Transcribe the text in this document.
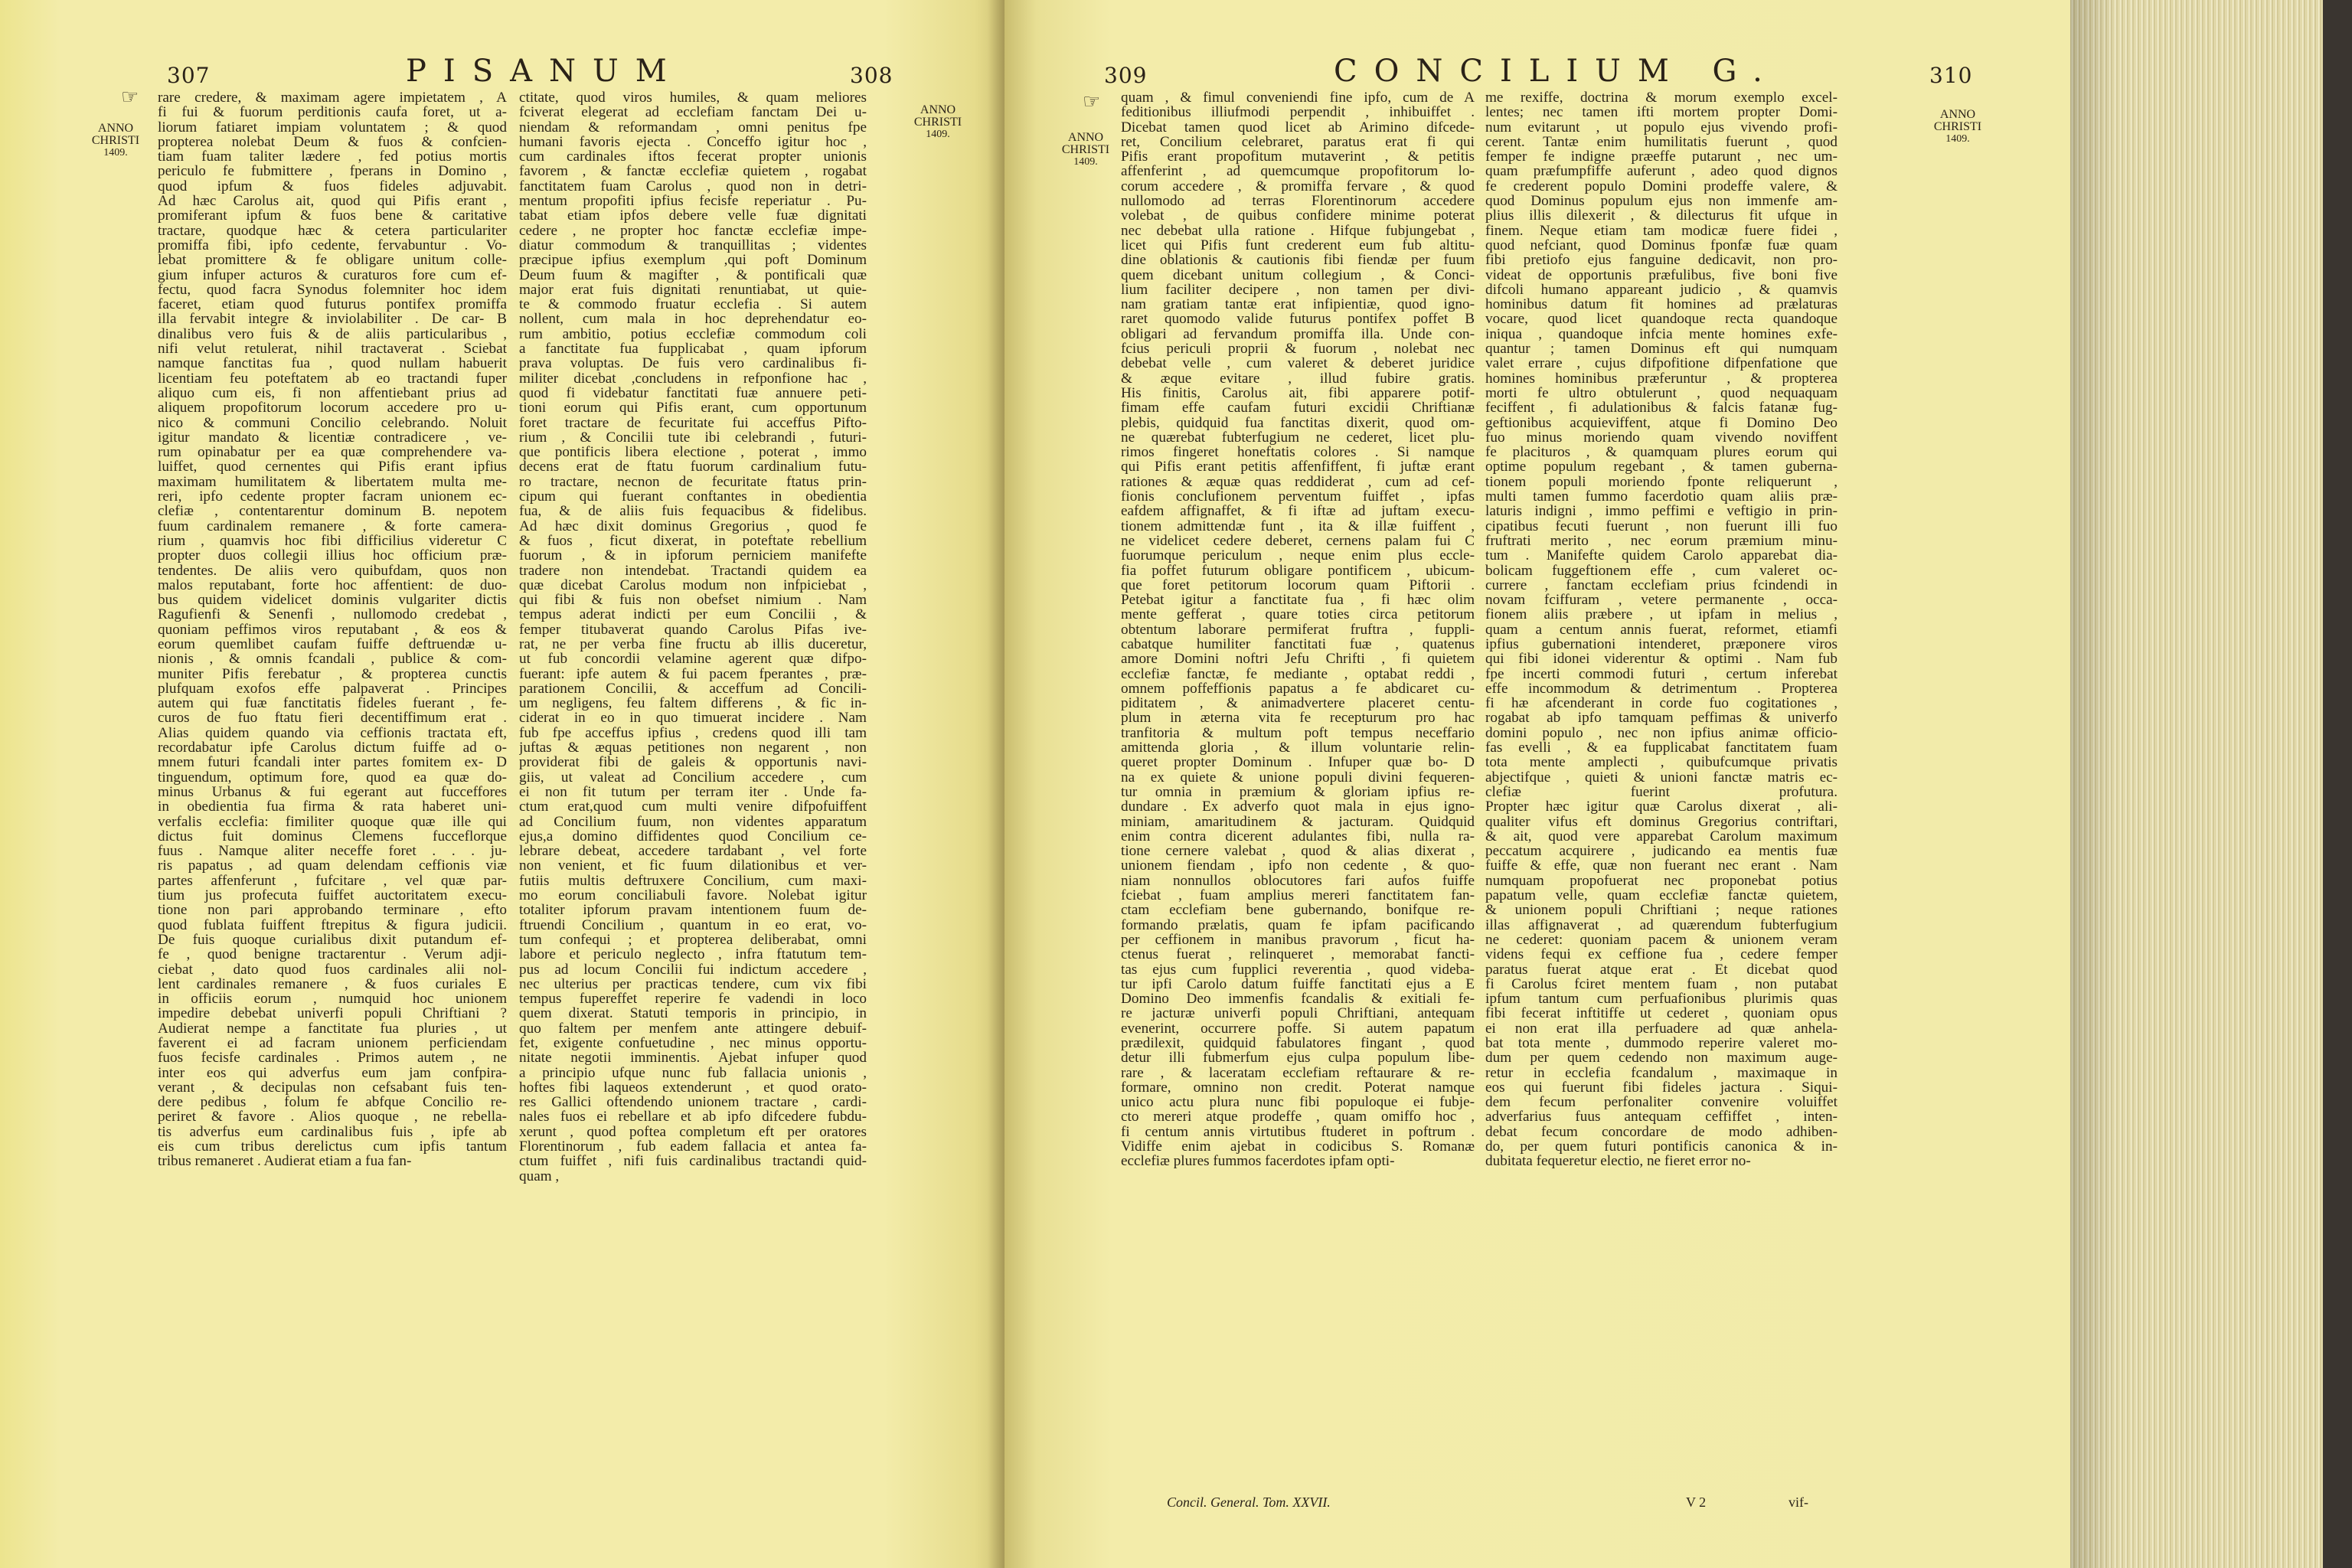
307	PISANUM	308
☞
ANNO
CHRISTI
1409.
ANNO
CHRISTI
1409.
rare credere, & maximam agere impietatem , A
fi fui & fuorum perditionis caufa foret, ut a-
liorum fatiaret impiam voluntatem ; & quod
propterea nolebat Deum & fuos & confcien-
tiam fuam taliter lædere , fed potius mortis
periculo fe fubmittere , fperans in Domino ,
quod ipfum & fuos fideles adjuvabit.
Ad hæc Carolus ait, quod qui Pifis erant ,
promiferant ipfum & fuos bene & caritative
tractare, quodque hæc & cetera particulariter
promiffa fibi, ipfo cedente, fervabuntur . Vo-
lebat promittere & fe obligare unitum colle-
gium infuper acturos & curaturos fore cum ef-
fectu, quod facra Synodus folemniter hoc idem
faceret, etiam quod futurus pontifex promiffa
illa fervabit integre & inviolabiliter . De car- B
dinalibus vero fuis & de aliis particularibus ,
nifi velut retulerat, nihil tractaverat . Sciebat
namque fanctitas fua , quod nullam habuerit
licentiam feu poteftatem ab eo tractandi fuper
aliquo cum eis, fi non affentiebant prius ad
aliquem propofitorum locorum accedere pro u-
nico & communi Concilio celebrando. Noluit
igitur mandato & licentiæ contradicere , ve-
rum opinabatur per ea quæ comprehendere va-
luiffet, quod cernentes qui Pifis erant ipfius
maximam humilitatem & libertatem multa me-
reri, ipfo cedente propter facram unionem ec-
clefiæ , contentarentur dominum B. nepotem
fuum cardinalem remanere , & forte camera-
rium , quamvis hoc fibi difficilius videretur C
propter duos collegii illius hoc officium præ-
tendentes. De aliis vero quibufdam, quos non
malos reputabant, forte hoc affentient: de duo-
bus quidem videlicet dominis vulgariter dictis
Ragufienfi & Senenfi , nullomodo credebat ,
quoniam peffimos viros reputabant , & eos &
eorum quemlibet caufam fuiffe deftruendæ u-
nionis , & omnis fcandali , publice & com-
muniter Pifis ferebatur , & propterea cunctis
plufquam exofos effe palpaverat . Principes
autem qui fuæ fanctitatis fideles fuerant , fe-
curos de fuo ftatu fieri decentiffimum erat .
Alias quidem quando via ceffionis tractata eft,
recordabatur ipfe Carolus dictum fuiffe ad o-
mnem futuri fcandali inter partes fomitem ex- D
tinguendum, optimum fore, quod ea quæ do-
minus Urbanus & fui egerant aut fucceffores
in obedientia fua firma & rata haberet uni-
verfalis ecclefia: fimiliter quoque quæ ille qui
dictus fuit dominus Clemens fucceflorque
fuus . Namque aliter neceffe foret . . . ju-
ris papatus , ad quam delendam ceffionis viæ
partes affenferunt , fufcitare , vel quæ par-
tium jus profecuta fuiffet auctoritatem execu-
tione non pari approbando terminare , efto
quod fublata fuiffent ftrepitus & figura judicii.
De fuis quoque curialibus dixit putandum ef-
fe , quod benigne tractarentur . Verum adji-
ciebat , dato quod fuos cardinales alii nol-
lent cardinales remanere , & fuos curiales E
in officiis eorum , numquid hoc unionem
impedire debebat univerfi populi Chriftiani ?
Audierat nempe a fanctitate fua pluries , ut
faverent ei ad facram unionem perficiendam
fuos fecisfe cardinales . Primos autem , ne
inter eos qui adverfus eum jam confpira-
verant , & decipulas non cefsabant fuis ten-
dere pedibus , folum fe abfque Concilio re-
periret & favore . Alios quoque , ne rebella-
tis adverfus eum cardinalibus fuis , ipfe ab
eis cum tribus derelictus cum ipfis tantum
tribus remaneret . Audierat etiam a fua fan-
ctitate, quod viros humiles, & quam meliores
fciverat elegerat ad ecclefiam fanctam Dei u-
niendam & reformandam , omni penitus fpe
humani favoris ejecta . Conceffo igitur hoc ,
cum cardinales iftos fecerat propter unionis
favorem , & fanctæ ecclefiæ quietem , rogabat
fanctitatem fuam Carolus , quod non in detri-
mentum propofiti ipfius fecisfe reperiatur . Pu-
tabat etiam ipfos debere velle fuæ dignitati
cedere , ne propter hoc fanctæ ecclefiæ impe-
diatur commodum & tranquillitas ; videntes
præcipue ipfius exemplum ,qui poft Dominum
Deum fuum & magifter , & pontificali quæ
major erat fuis dignitati renuntiabat, ut quie-
te & commodo fruatur ecclefia . Si autem
nollent, cum mala in hoc deprehendatur eo-
rum ambitio, potius ecclefiæ commodum coli
a fanctitate fua fupplicabat , quam ipforum
prava voluptas. De fuis vero cardinalibus fi-
militer dicebat ,concludens in refponfione hac ,
quod fi videbatur fanctitati fuæ annuere peti-
tioni eorum qui Pifis erant, cum opportunum
foret tractare de fecuritate fui acceffus Pifto-
rium , & Concilii tute ibi celebrandi , futuri-
que pontificis libera electione , poterat , immo
decens erat de ftatu fuorum cardinalium futu-
ro tractare, necnon de fecuritate ftatus prin-
cipum qui fuerant conftantes in obedientia
fua, & de aliis fuis fequacibus & fidelibus.
Ad hæc dixit dominus Gregorius , quod fe
& fuos , ficut dixerat, in poteftate rebellium
fuorum , & in ipforum perniciem manifefte
tradere non intendebat. Tractandi quidem ea
quæ dicebat Carolus modum non infpiciebat ,
qui fibi & fuis non obefset nimium . Nam
tempus aderat indicti per eum Concilii , &
femper titubaverat quando Carolus Pifas ive-
rat, ne per verba fine fructu ab illis duceretur,
ut fub concordii velamine agerent quæ difpo-
fuerant: ipfe autem & fui pacem fperantes , præ-
parationem Concilii, & acceffum ad Concili-
um negligens, feu faltem differens , & fic in-
ciderat in eo in quo timuerat incidere . Nam
fub fpe acceffus ipfius , credens quod illi tam
juftas & æquas petitiones non negarent , non
providerat fibi de galeis & opportunis navi-
giis, ut valeat ad Concilium accedere , cum
ei non fit tutum per terram iter . Unde fa-
ctum erat,quod cum multi venire difpofuiffent
ad Concilium fuum, non videntes apparatum
ejus,a domino diffidentes quod Concilium ce-
lebrare debeat, accedere tardabant , vel forte
non venient, et fic fuum dilationibus et ver-
futiis multis deftruxere Concilium, cum maxi-
mo eorum conciliabuli favore. Nolebat igitur
totaliter ipforum pravam intentionem fuum de-
ftruendi Concilium , quantum in eo erat, vo-
tum confequi ; et propterea deliberabat, omni
labore et periculo neglecto , infra ftatutum tem-
pus ad locum Concilii fui indictum accedere ,
nec ulterius per practicas tendere, cum vix fibi
tempus fupereffet reperire fe vadendi in loco
quem dixerat. Statuti temporis in principio, in
quo faltem per menfem ante attingere debuif-
fet, exigente confuetudine , nec minus opportu-
nitate negotii imminentis. Ajebat infuper quod
a principio ufque nunc fub fallacia unionis ,
hoftes fibi laqueos extenderunt , et quod orato-
res Gallici oftendendo unionem tractare , cardi-
nales fuos ei rebellare et ab ipfo difcedere fubdu-
xerunt , quod poftea completum eft per oratores
Florentinorum , fub eadem fallacia et antea fa-
ctum fuiffet , nifi fuis cardinalibus tractandi quid-
quam ,
309	CONCILIUM G.	310
☞
ANNO
CHRISTI
1409.
ANNO
CHRISTI
1409.
quam , & fimul conveniendi fine ipfo, cum de A
feditionibus illiufmodi perpendit , inhibuiffet .
Dicebat tamen quod licet ab Arimino difcede-
ret, Concilium celebraret, paratus erat fi qui
Pifis erant propofitum mutaverint , & petitis
affenferint , ad quemcumque propofitorum lo-
corum accedere , & promiffa fervare , & quod
nullomodo ad terras Florentinorum accedere
volebat , de quibus confidere minime poterat
nec debebat ulla ratione . Hifque fubjungebat ,
licet qui Pifis funt crederent eum fub altitu-
dine oblationis & cautionis fibi fiendæ per fuum
quem dicebant unitum collegium , & Conci-
lium faciliter decipere , non tamen per divi-
nam gratiam tantæ erat infipientiæ, quod igno-
raret quomodo valide futurus pontifex poffet B
obligari ad fervandum promiffa illa. Unde con-
fcius periculi proprii & fuorum , nolebat nec
debebat velle , cum valeret & deberet juridice
& æque evitare , illud fubire gratis.
His finitis, Carolus ait, fibi apparere potif-
fimam effe caufam futuri excidii Chriftianæ
plebis, quidquid fua fanctitas dixerit, quod om-
ne quærebat fubterfugium ne cederet, licet plu-
rimos fingeret honeftatis colores . Si namque
qui Pifis erant petitis affenfiffent, fi juftæ erant
rationes & æquæ quas reddiderat , cum ad cef-
fionis conclufionem perventum fuiffet , ipfas
eafdem affignaffet, & fi iftæ ad juftam execu-
tionem admittendæ funt , ita & illæ fuiffent ,
ne videlicet cedere deberet, cernens palam fui C
fuorumque periculum , neque enim plus eccle-
fia poffet futurum obligare pontificem , ubicum-
que foret petitorum locorum quam Piftorii .
Petebat igitur a fanctitate fua , fi hæc olim
mente gefferat , quare toties circa petitorum
obtentum laborare permiferat fruftra , fuppli-
cabatque humiliter fanctitati fuæ , quatenus
amore Domini noftri Jefu Chrifti , fi quietem
ecclefiæ fanctæ, fe mediante , optabat reddi ,
omnem poffeffionis papatus a fe abdicaret cu-
piditatem , & animadvertere placeret centu-
plum in æterna vita fe recepturum pro hac
tranfitoria & multum poft tempus neceffario
amittenda gloria , & illum voluntarie relin-
queret propter Dominum . Infuper quæ bo- D
na ex quiete & unione populi divini fequeren-
tur omnia in præmium & gloriam ipfius re-
dundare . Ex adverfo quot mala in ejus igno-
miniam, amaritudinem & jacturam. Quidquid
enim contra dicerent adulantes fibi, nulla ra-
tione cernere valebat , quod & alias dixerat ,
unionem fiendam , ipfo non cedente , & quo-
niam nonnullos oblocutores fari aufos fuiffe
fciebat , fuam amplius mereri fanctitatem fan-
ctam ecclefiam bene gubernando, bonifque re-
formando prælatis, quam fe ipfam pacificando
per ceffionem in manibus pravorum , ficut ha-
ctenus fuerat , relinqueret , memorabat fancti-
tas ejus cum fupplici reverentia , quod videba-
tur ipfi Carolo datum fuiffe fanctitati ejus a E
Domino Deo immenfis fcandalis & exitiali fe-
re jacturæ univerfi populi Chriftiani, antequam
evenerint, occurrere poffe. Si autem papatum
prædilexit, quidquid fabulatores fingant , quod
detur illi fubmerfum ejus culpa populum libe-
rare , & laceratam ecclefiam reftaurare & re-
formare, omnino non credit. Poterat namque
unico actu plura nunc fibi populoque ei fubje-
cto mereri atque prodeffe , quam omiffo hoc ,
fi centum annis virtutibus ftuderet in poftrum .
Vidiffe enim ajebat in codicibus S. Romanæ
ecclefiæ plures fummos facerdotes ipfam opti-
me rexiffe, doctrina & morum exemplo excel-
lentes; nec tamen ifti mortem propter Domi-
num evitarunt , ut populo ejus vivendo profi-
cerent. Tantæ enim humilitatis fuerunt , quod
femper fe indigne præeffe putarunt , nec um-
quam præfumpfiffe auferunt , adeo quod dignos
fe crederent populo Domini prodeffe valere, &
quod Dominus populum ejus non immenfe am-
plius illis dilexerit , & dilecturus fit ufque in
finem. Neque etiam tam modicæ fuere fidei ,
quod nefciant, quod Dominus fponfæ fuæ quam
fibi pretiofo ejus fanguine dedicavit, non pro-
videat de opportunis præfulibus, five boni five
difcoli humano appareant judicio , & quamvis
hominibus datum fit homines ad prælaturas
vocare, quod licet quandoque recta quandoque
iniqua , quandoque infcia mente homines exfe-
quantur ; tamen Dominus eft qui numquam
valet errare , cujus difpofitione difpenfatione que
homines hominibus præferuntur , & propterea
morti fe ultro obtulerunt , quod nequaquam
feciffent , fi adulationibus & falcis fatanæ fug-
geftionibus acquieviffent, atque fi Domino Deo
fuo minus moriendo quam vivendo noviffent
fe placituros , & quamquam plures eorum qui
optime populum regebant , & tamen guberna-
tionem populi moriendo fponte reliquerunt ,
multi tamen fummo facerdotio quam aliis præ-
laturis indigni , immo peffimi e veftigio in prin-
cipatibus fecuti fuerunt , non fuerunt illi fuo
fruftrati merito , nec eorum præmium minu-
tum . Manifefte quidem Carolo apparebat dia-
bolicam fuggeftionem effe , cum valeret oc-
currere , fanctam ecclefiam prius fcindendi in
novam fciffuram , vetere permanente , occa-
fionem aliis præbere , ut ipfam in melius ,
quam a centum annis fuerat, reformet, etiamfi
ipfius gubernationi intenderet, præponere viros
qui fibi idonei viderentur & optimi . Nam fub
fpe incerti commodi futuri , certum inferebat
effe incommodum & detrimentum . Propterea
fi hæ afcenderant in corde fuo cogitationes ,
rogabat ab ipfo tamquam peffimas & univerfo
domini populo , nec non ipfius animæ officio-
fas evelli , & ea fupplicabat fanctitatem fuam
tota mente amplecti , quibufcumque privatis
abjectifque , quieti & unioni fanctæ matris ec-
clefiæ fuerint profutura.
Propter hæc igitur quæ Carolus dixerat , ali-
qualiter vifus eft dominus Gregorius contriftari,
& ait, quod vere apparebat Carolum maximum
peccatum acquirere , judicando ea mentis fuæ
fuiffe & effe, quæ non fuerant nec erant . Nam
numquam propofuerat nec proponebat potius
papatum velle, quam ecclefiæ fanctæ quietem,
& unionem populi Chriftiani ; neque rationes
illas affignaverat , ad quærendum fubterfugium
ne cederet: quoniam pacem & unionem veram
videns fequi ex ceffione fua , cedere femper
paratus fuerat atque erat . Et dicebat quod
fi Carolus fciret mentem fuam , non putabat
ipfum tantum cum perfuafionibus plurimis quas
fibi fecerat inftitiffe ut cederet , quoniam opus
ei non erat illa perfuadere ad quæ anhela-
bat tota mente , dummodo reperire valeret mo-
dum per quem cedendo non maximum auge-
retur in ecclefia fcandalum , maximaque in
eos qui fuerunt fibi fideles jactura . Siqui-
dem fecum perfonaliter convenire voluiffet
adverfarius fuus antequam ceffiffet , inten-
debat fecum concordare de modo adhiben-
do, per quem futuri pontificis canonica & in-
dubitata fequeretur electio, ne fieret error no-
Concil. General. Tom. XXVII.	V 2	vif-
